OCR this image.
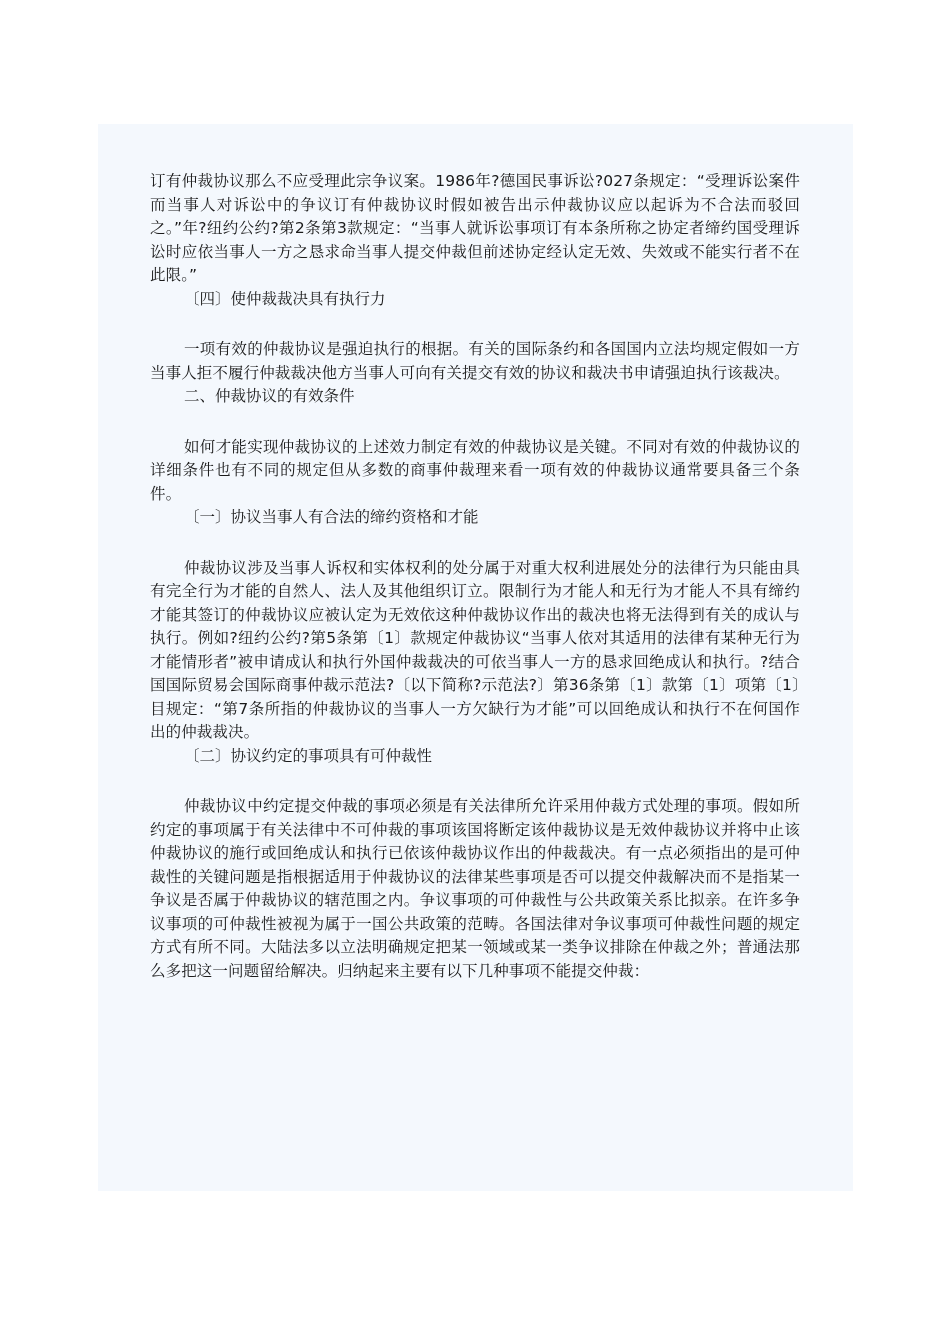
订有仲裁协议那么不应受理此宗争议案。1986年?德国民事诉讼?027条规定：“受理诉讼案件而当事人对诉讼中的争议订有仲裁协议时假如被告出示仲裁协议应以起诉为不合法而驳回之。”年?纽约公约?第2条第3款规定：“当事人就诉讼事项订有本条所称之协定者缔约国受理诉讼时应依当事人一方之恳求命当事人提交仲裁但前述协定经认定无效、失效或不能实行者不在此限。”

〔四〕使仲裁裁决具有执行力

一项有效的仲裁协议是强迫执行的根据。有关的国际条约和各国国内立法均规定假如一方当事人拒不履行仲裁裁决他方当事人可向有关提交有效的协议和裁决书申请强迫执行该裁决。

二、仲裁协议的有效条件

如何才能实现仲裁协议的上述效力制定有效的仲裁协议是关键。不同对有效的仲裁协议的详细条件也有不同的规定但从多数的商事仲裁理来看一项有效的仲裁协议通常要具备三个条件。

〔一〕协议当事人有合法的缔约资格和才能

仲裁协议涉及当事人诉权和实体权利的处分属于对重大权利进展处分的法律行为只能由具有完全行为才能的自然人、法人及其他组织订立。限制行为才能人和无行为才能人不具有缔约才能其签订的仲裁协议应被认定为无效依这种仲裁协议作出的裁决也将无法得到有关的成认与执行。例如?纽约公约?第5条第〔1〕款规定仲裁协议“当事人依对其适用的法律有某种无行为才能情形者”被申请成认和执行外国仲裁裁决的可依当事人一方的恳求回绝成认和执行。?结合国国际贸易会国际商事仲裁示范法?〔以下简称?示范法?〕第36条第〔1〕款第〔1〕项第〔1〕目规定：“第7条所指的仲裁协议的当事人一方欠缺行为才能”可以回绝成认和执行不在何国作出的仲裁裁决。

〔二〕协议约定的事项具有可仲裁性

仲裁协议中约定提交仲裁的事项必须是有关法律所允许采用仲裁方式处理的事项。假如所约定的事项属于有关法律中不可仲裁的事项该国将断定该仲裁协议是无效仲裁协议并将中止该仲裁协议的施行或回绝成认和执行已依该仲裁协议作出的仲裁裁决。有一点必须指出的是可仲裁性的关键问题是指根据适用于仲裁协议的法律某些事项是否可以提交仲裁解决而不是指某一争议是否属于仲裁协议的辖范围之内。争议事项的可仲裁性与公共政策关系比拟亲。在许多争议事项的可仲裁性被视为属于一国公共政策的范畴。各国法律对争议事项可仲裁性问题的规定方式有所不同。大陆法多以立法明确规定把某一领域或某一类争议排除在仲裁之外；普通法那么多把这一问题留给解决。归纳起来主要有以下几种事项不能提交仲裁：
